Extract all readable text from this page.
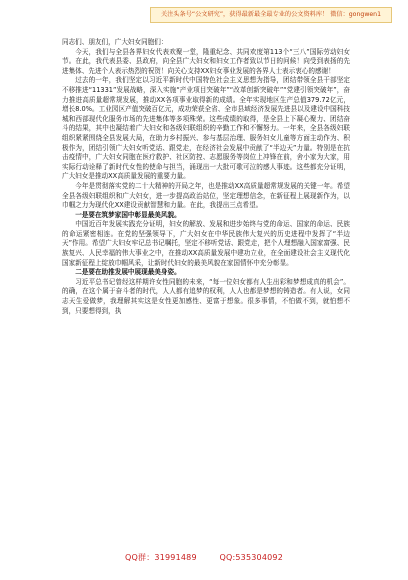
关注头条号“公文研究”，获得最新最全最专业的公文资料库！ 微信：gongwen1

同志们、朋友们，广大妇女同胞们：

今天，我们与全县各界妇女代表欢聚一堂，隆重纪念、共同欢度第113个“三八”国际劳动妇女节。在此，我代表县委、县政府，向全县广大妇女和妇女工作者致以节日的问候！向受到表扬的先进集体、先进个人表示热烈的祝贺！向关心支持XX妇女事业发展的各界人士表示衷心的感谢！

过去的一年，我们坚定以习近平新时代中国特色社会主义思想为指导，团结带领全县干部坚定不移推进“11331”发展战略，深入实施“产业项目突破年”“改革创新突破年”“党建引领突破年”，奋力推进高质量超常规发展，推动XX各项事业取得新的成绩。全年实现地区生产总值379.72亿元，增长8.0%。工业园区产值突破百亿元，成功荣获全省、全市县域经济发展先进县以及建设中国科技城和西部现代化服务市场的先进集体等多项殊荣。这些成绩的取得，是全县上下凝心聚力、团结奋斗的结果，其中也凝结着广大妇女和各级妇联组织的辛勤工作和不懈努力。一年来，全县各级妇联组织紧紧围绕全县发展大局，在助力乡村振兴、参与基层治理、服务妇女儿童等方面主动作为、积极作为，团结引领广大妇女听党话、跟党走，在经济社会发展中贡献了“半边天”力量。特别是在抗击疫情中，广大妇女同胞在医疗救护、社区防控、志愿服务等岗位上冲锋在前，舍小家为大家，用实际行动诠释了新时代女性的使命与担当，涌现出一大批可歌可泣的感人事迹。这些都充分证明，广大妇女是推动XX高质量发展的重要力量。

今年是贯彻落实党的二十大精神的开局之年，也是推动XX高质量超常规发展的关键一年。希望全县各级妇联组织和广大妇女，进一步提高政治站位，坚定理想信念，在新征程上展现新作为，以巾帼之力为现代化XX建设贡献智慧和力量。在此，我提出三点希望。

一是要在筑梦家国中彰显最美风貌。

中国近百年发展实践充分证明，妇女的解放、发展和进步始终与党的命运、国家的命运、民族的命运紧密相连。在党的坚强领导下，广大妇女在中华民族伟大复兴的历史进程中发挥了“半边天”作用。希望广大妇女牢记总书记嘱托，坚定不移听党话、跟党走，把个人理想融入国家富强、民族复兴、人民幸福的伟大事业之中，在推动XX高质量发展中建功立业，在全面建设社会主义现代化国家新征程上绽放巾帼风采，让新时代妇女的最美风貌在家国情怀中充分彰显。

二是要在助推发展中展现最美身姿。

习近平总书记曾经这样期许女性同胞的未来，“每一位妇女都有人生出彩和梦想成真的机会”。的确，在这个属于奋斗者的时代，人人都有追梦的权利，人人也都是梦想的铸造者。有人说，女同志天生爱做梦，我理解其实这是女性更加感性、更富于想象。很多事情，不怕做不到，就怕想不到，只要想得到，执

QQ群：31991489	QQ:535304092
